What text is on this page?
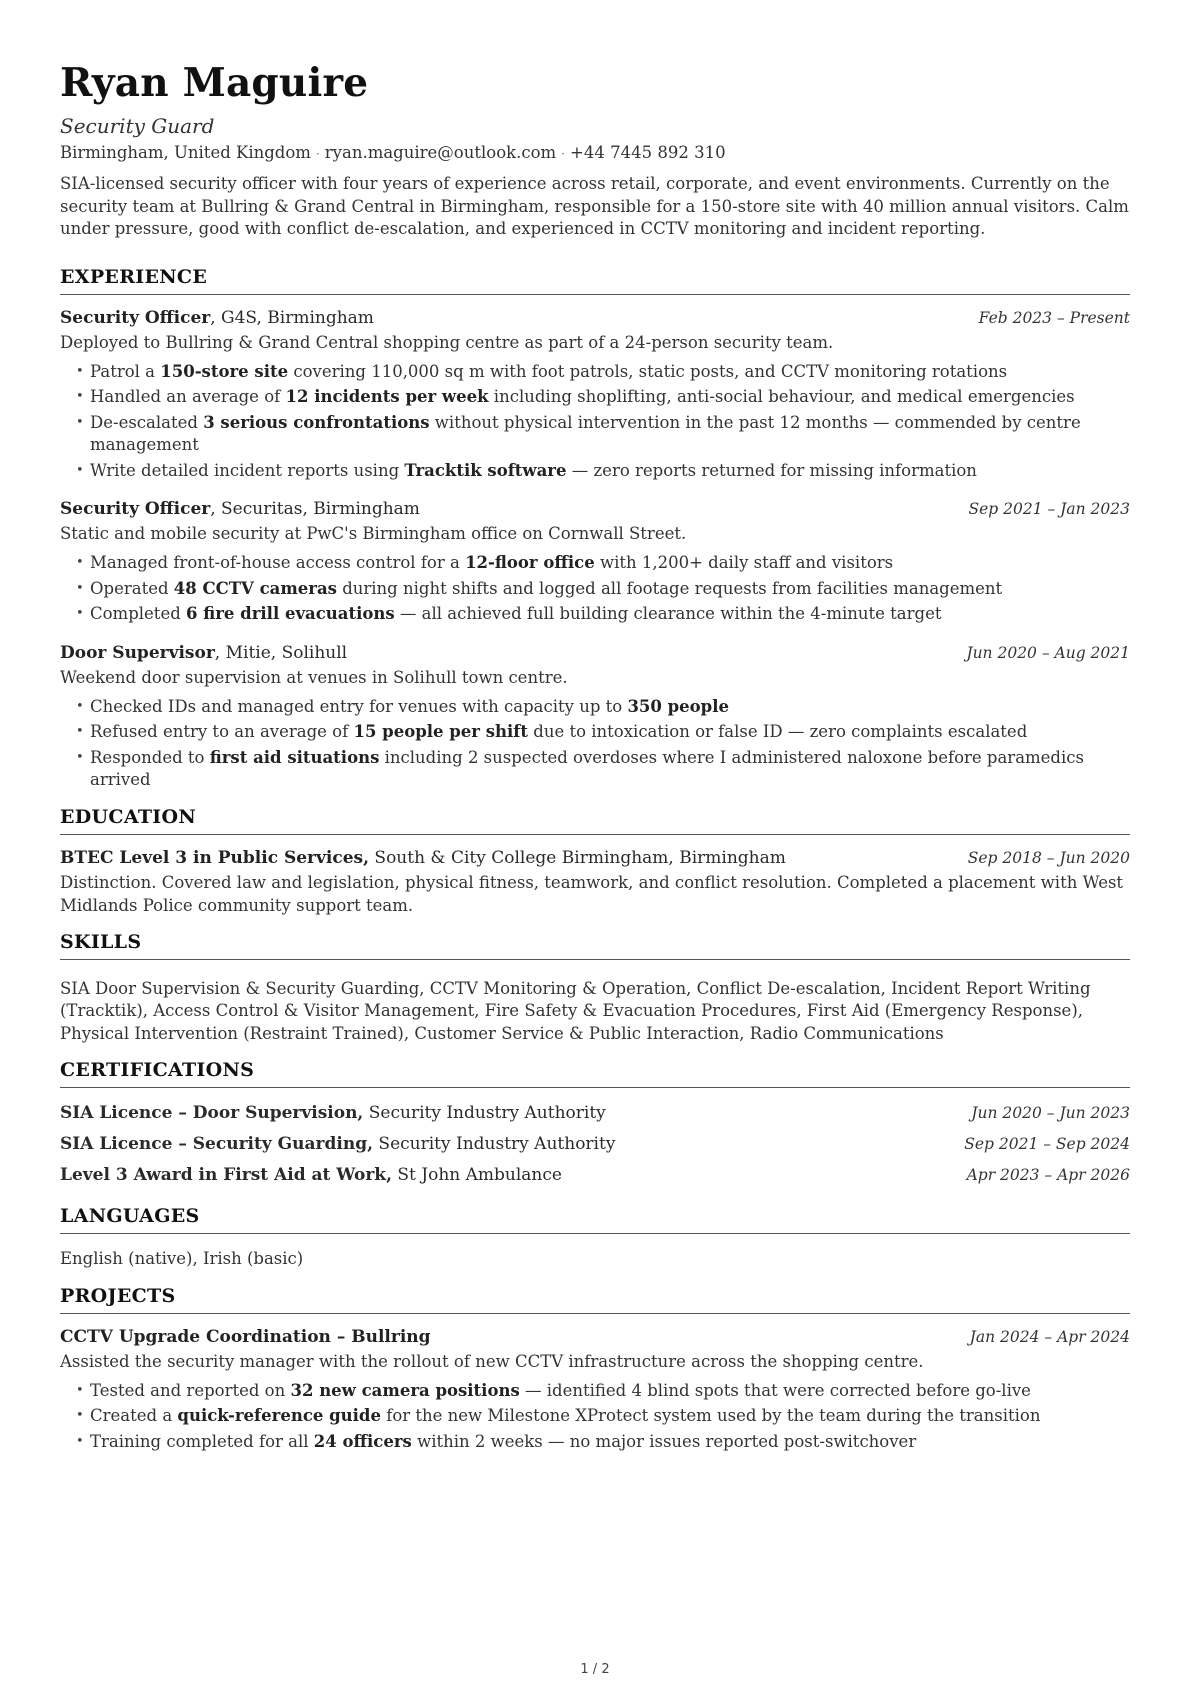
Ryan Maguire
Security Guard
Birmingham, United Kingdom · ryan.maguire@outlook.com · +44 7445 892 310
SIA-licensed security officer with four years of experience across retail, corporate, and event environments. Currently on the security team at Bullring & Grand Central in Birmingham, responsible for a 150-store site with 40 million annual visitors. Calm under pressure, good with conflict de-escalation, and experienced in CCTV monitoring and incident reporting.
EXPERIENCE
Security Officer, G4S, Birmingham	Feb 2023 – Present
Deployed to Bullring & Grand Central shopping centre as part of a 24-person security team.
• Patrol a 150-store site covering 110,000 sq m with foot patrols, static posts, and CCTV monitoring rotations
• Handled an average of 12 incidents per week including shoplifting, anti-social behaviour, and medical emergencies
• De-escalated 3 serious confrontations without physical intervention in the past 12 months — commended by centre management
• Write detailed incident reports using Tracktik software — zero reports returned for missing information
Security Officer, Securitas, Birmingham	Sep 2021 – Jan 2023
Static and mobile security at PwC's Birmingham office on Cornwall Street.
• Managed front-of-house access control for a 12-floor office with 1,200+ daily staff and visitors
• Operated 48 CCTV cameras during night shifts and logged all footage requests from facilities management
• Completed 6 fire drill evacuations — all achieved full building clearance within the 4-minute target
Door Supervisor, Mitie, Solihull	Jun 2020 – Aug 2021
Weekend door supervision at venues in Solihull town centre.
• Checked IDs and managed entry for venues with capacity up to 350 people
• Refused entry to an average of 15 people per shift due to intoxication or false ID — zero complaints escalated
• Responded to first aid situations including 2 suspected overdoses where I administered naloxone before paramedics arrived
EDUCATION
BTEC Level 3 in Public Services, South & City College Birmingham, Birmingham	Sep 2018 – Jun 2020
Distinction. Covered law and legislation, physical fitness, teamwork, and conflict resolution. Completed a placement with West Midlands Police community support team.
SKILLS
SIA Door Supervision & Security Guarding, CCTV Monitoring & Operation, Conflict De-escalation, Incident Report Writing (Tracktik), Access Control & Visitor Management, Fire Safety & Evacuation Procedures, First Aid (Emergency Response), Physical Intervention (Restraint Trained), Customer Service & Public Interaction, Radio Communications
CERTIFICATIONS
SIA Licence – Door Supervision, Security Industry Authority	Jun 2020 – Jun 2023
SIA Licence – Security Guarding, Security Industry Authority	Sep 2021 – Sep 2024
Level 3 Award in First Aid at Work, St John Ambulance	Apr 2023 – Apr 2026
LANGUAGES
English (native), Irish (basic)
PROJECTS
CCTV Upgrade Coordination – Bullring	Jan 2024 – Apr 2024
Assisted the security manager with the rollout of new CCTV infrastructure across the shopping centre.
• Tested and reported on 32 new camera positions — identified 4 blind spots that were corrected before go-live
• Created a quick-reference guide for the new Milestone XProtect system used by the team during the transition
• Training completed for all 24 officers within 2 weeks — no major issues reported post-switchover
1 / 2
